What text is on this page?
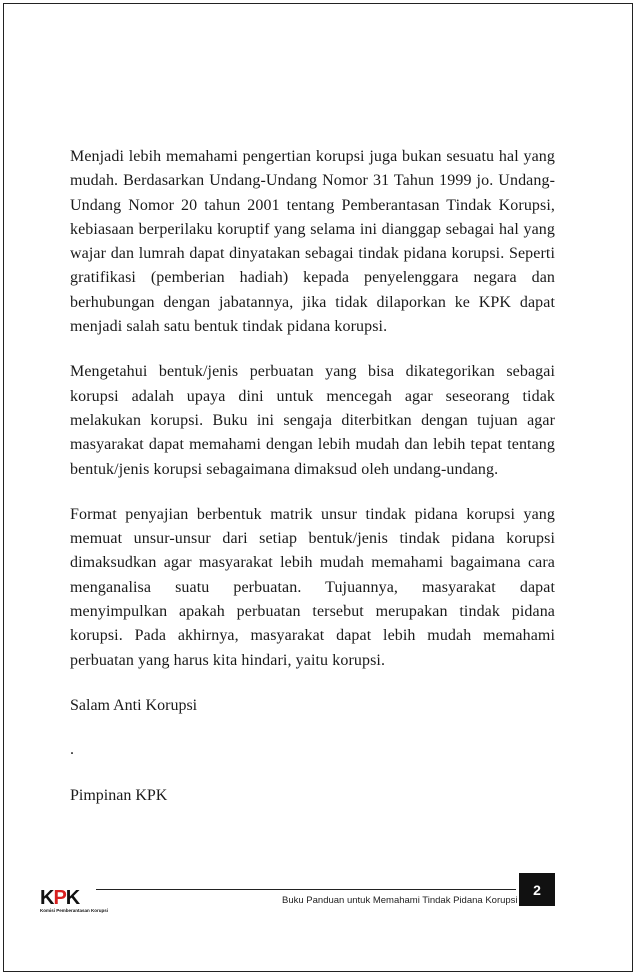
Menjadi lebih memahami pengertian korupsi juga bukan sesuatu hal yang mudah. Berdasarkan Undang-Undang Nomor 31 Tahun 1999 jo. Undang-Undang Nomor 20 tahun 2001 tentang Pemberantasan Tindak Korupsi, kebiasaan berperilaku koruptif yang selama ini dianggap sebagai hal yang wajar dan lumrah dapat dinyatakan sebagai tindak pidana korupsi. Seperti gratifikasi (pemberian hadiah) kepada penyelenggara negara dan berhubungan dengan jabatannya, jika tidak dilaporkan ke KPK dapat menjadi salah satu bentuk tindak pidana korupsi.

Mengetahui bentuk/jenis perbuatan yang bisa dikategorikan sebagai korupsi adalah upaya dini untuk mencegah agar seseorang tidak melakukan korupsi. Buku ini sengaja diterbitkan dengan tujuan agar masyarakat dapat memahami dengan lebih mudah dan lebih tepat tentang bentuk/jenis korupsi sebagaimana dimaksud oleh undang-undang.

Format penyajian berbentuk matrik unsur tindak pidana korupsi yang memuat unsur-unsur dari setiap bentuk/jenis tindak pidana korupsi dimaksudkan agar masyarakat lebih mudah memahami bagaimana cara menganalisa suatu perbuatan. Tujuannya, masyarakat dapat menyimpulkan apakah perbuatan tersebut merupakan tindak pidana korupsi. Pada akhirnya, masyarakat dapat lebih mudah memahami perbuatan yang harus kita hindari, yaitu korupsi.

Salam Anti Korupsi

.

Pimpinan KPK

KPK
Komisi Pemberantasan Korupsi
Buku Panduan untuk Memahami Tindak Pidana Korupsi
2
